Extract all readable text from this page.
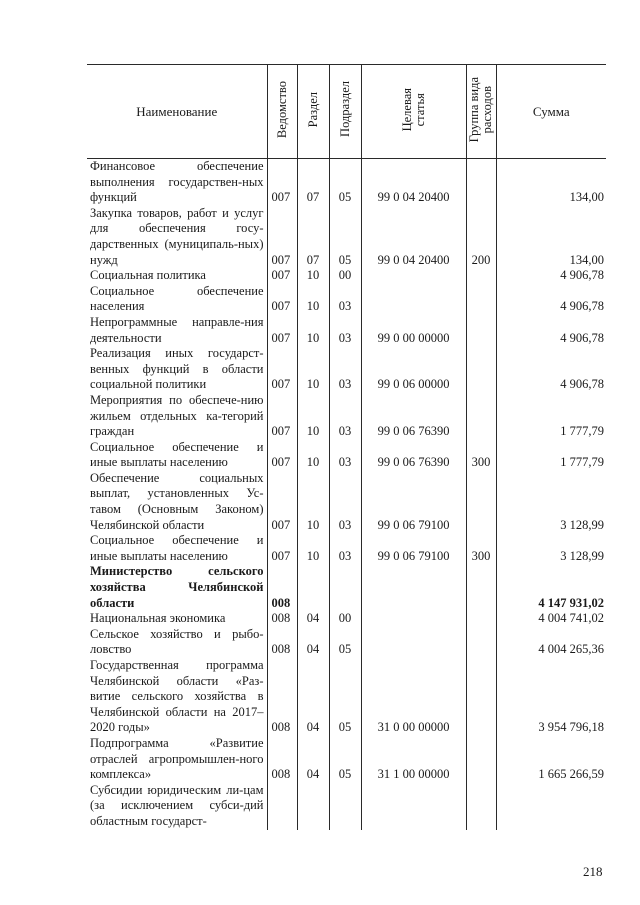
Наименование	Ведомство	Раздел	Подраздел	Целевая
статья	Группа вида
расходов	Сумма
Финансовое обеспечение выполнения государствен-ных функций	007	07	05	99 0 04 20400		134,00
Закупка товаров, работ и услуг для обеспечения госу-дарственных (муниципаль-ных) нужд	007	07	05	99 0 04 20400	200	134,00
Социальная политика	007	10	00			4 906,78
Социальное обеспечение населения	007	10	03			4 906,78
Непрограммные направле-ния деятельности	007	10	03	99 0 00 00000		4 906,78
Реализация иных государст-венных функций в области социальной политики	007	10	03	99 0 06 00000		4 906,78
Мероприятия по обеспече-нию жильем отдельных ка-тегорий граждан	007	10	03	99 0 06 76390		1 777,79
Социальное обеспечение и иные выплаты населению	007	10	03	99 0 06 76390	300	1 777,79
Обеспечение социальных выплат, установленных Ус-тавом (Основным Законом) Челябинской области	007	10	03	99 0 06 79100		3 128,99
Социальное обеспечение и иные выплаты населению	007	10	03	99 0 06 79100	300	3 128,99
Министерство сельского хозяйства Челябинской области	008					4 147 931,02
Национальная экономика	008	04	00			4 004 741,02
Сельское хозяйство и рыбо-ловство	008	04	05			4 004 265,36
Государственная программа Челябинской области «Раз-витие сельского хозяйства в Челябинской области на 2017–2020 годы»	008	04	05	31 0 00 00000		3 954 796,18
Подпрограмма «Развитие отраслей агропромышлен-ного комплекса»	008	04	05	31 1 00 00000		1 665 266,59
Субсидии юридическим ли-цам (за исключением субси-дий областным государст-						
218
